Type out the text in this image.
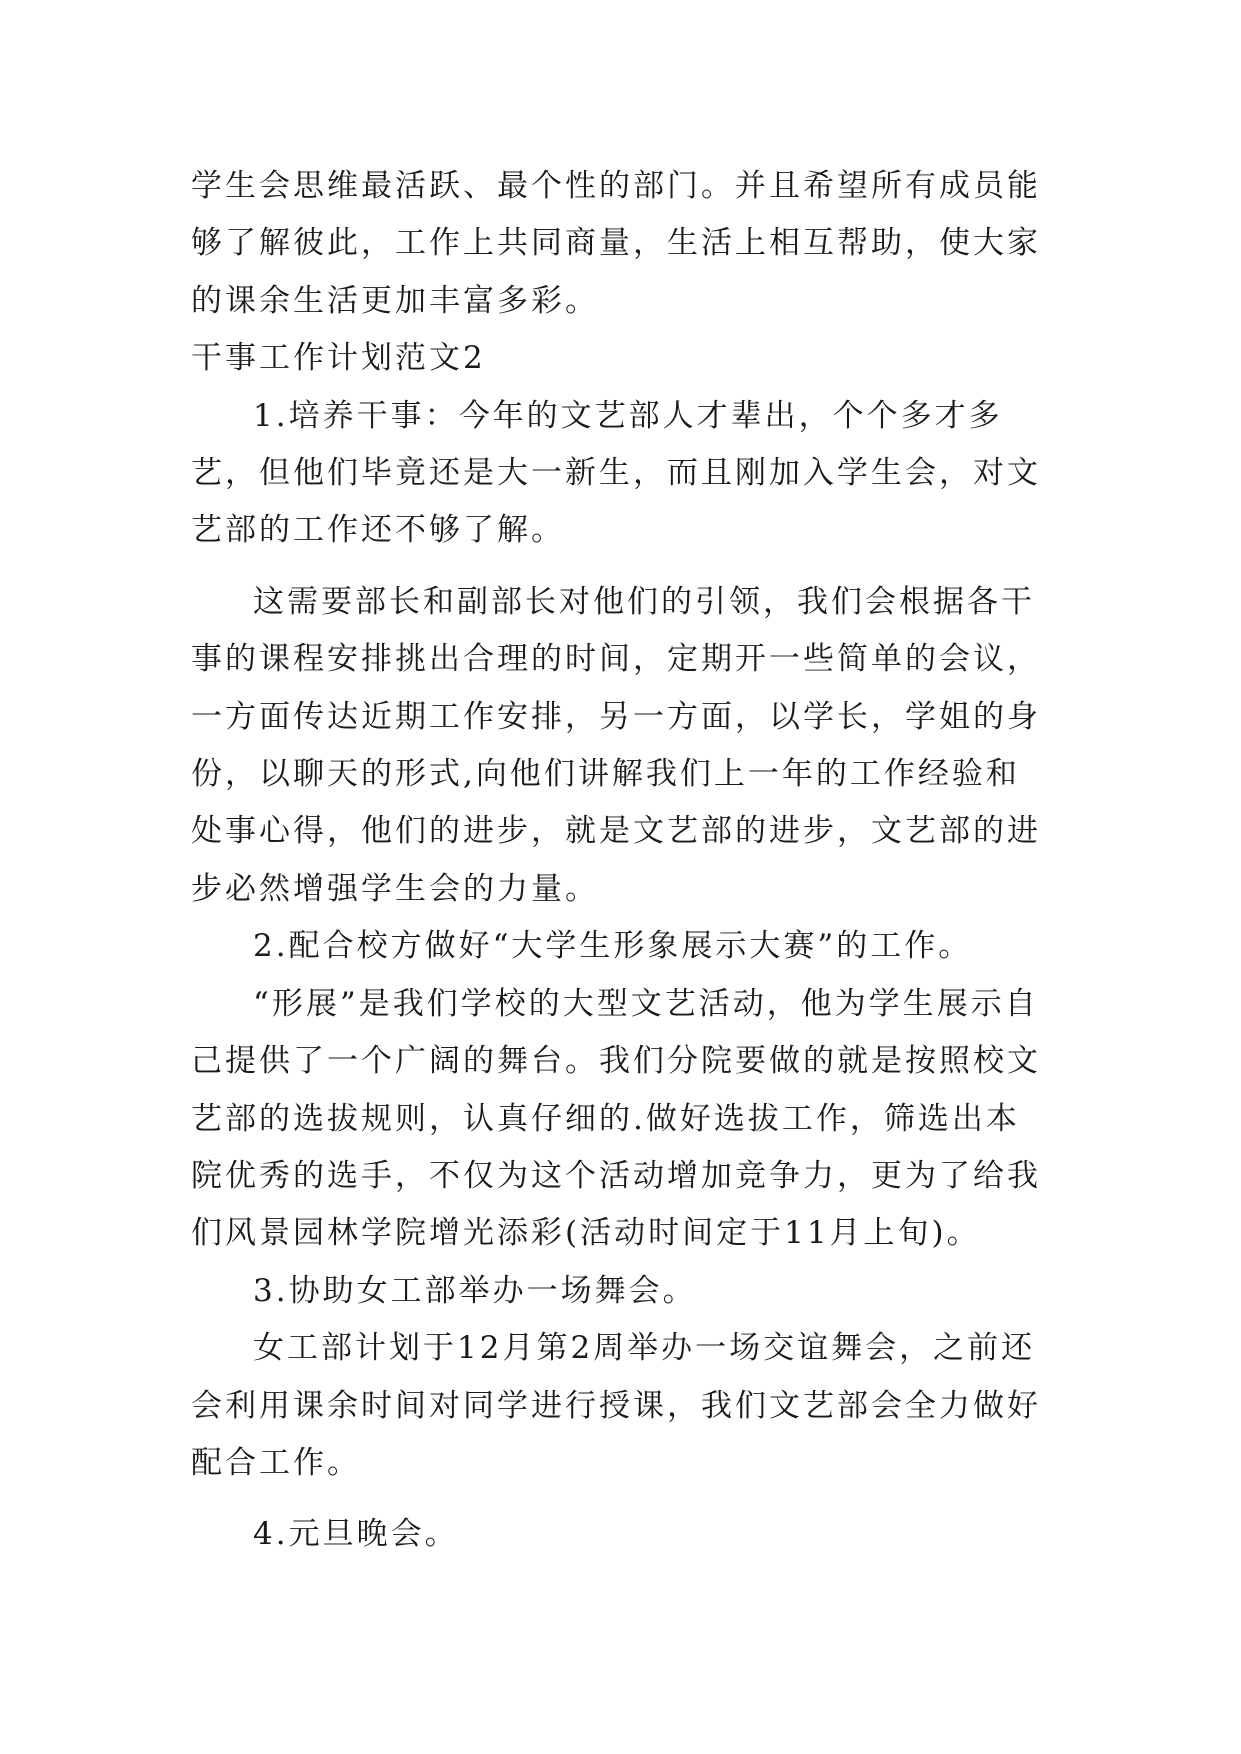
学生会思维最活跃、最个性的部门。并且希望所有成员能够了解彼此，工作上共同商量，生活上相互帮助，使大家的课余生活更加丰富多彩。

干事工作计划范文2

1.培养干事：今年的文艺部人才辈出，个个多才多艺，但他们毕竟还是大一新生，而且刚加入学生会，对文艺部的工作还不够了解。

这需要部长和副部长对他们的引领，我们会根据各干事的课程安排挑出合理的时间，定期开一些简单的会议，一方面传达近期工作安排，另一方面，以学长，学姐的身份，以聊天的形式,向他们讲解我们上一年的工作经验和处事心得，他们的进步，就是文艺部的进步，文艺部的进步必然增强学生会的力量。

2.配合校方做好“大学生形象展示大赛”的工作。

“形展”是我们学校的大型文艺活动，他为学生展示自己提供了一个广阔的舞台。我们分院要做的就是按照校文艺部的选拔规则，认真仔细的.做好选拔工作，筛选出本院优秀的选手，不仅为这个活动增加竞争力，更为了给我们风景园林学院增光添彩(活动时间定于11月上旬)。

3.协助女工部举办一场舞会。

女工部计划于12月第2周举办一场交谊舞会，之前还会利用课余时间对同学进行授课，我们文艺部会全力做好配合工作。

4.元旦晚会。
